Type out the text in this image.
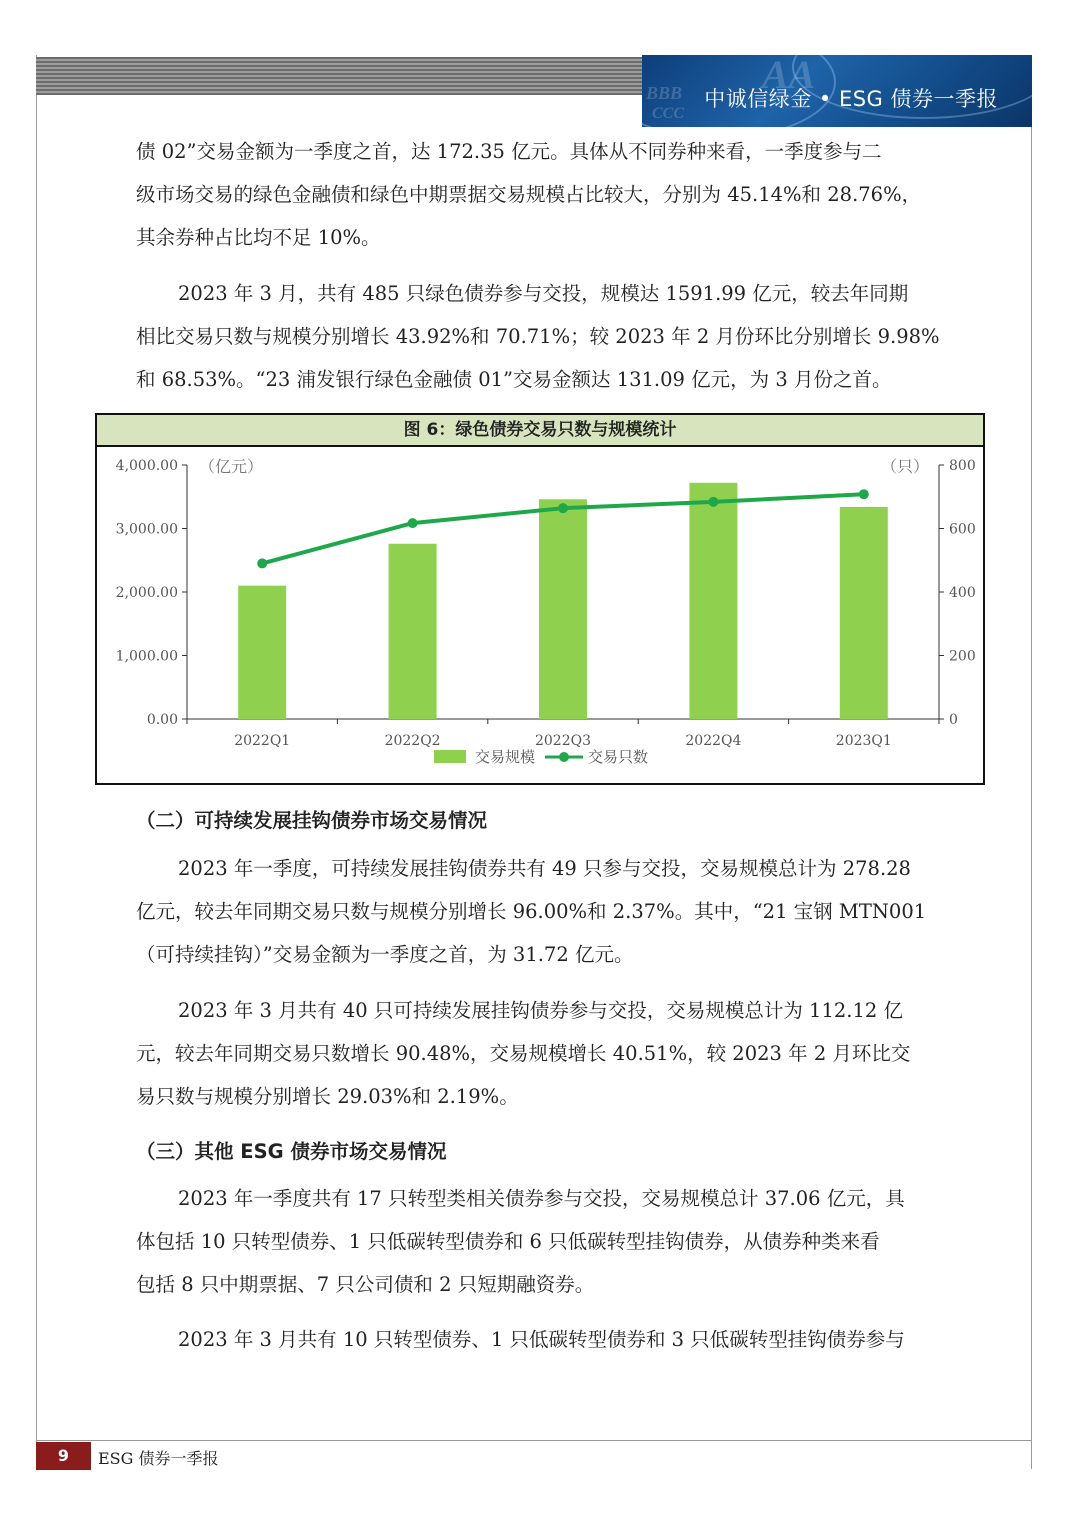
BBB
CCC
AA
中诚信绿金 • ESG 债券一季报

债 02”交易金额为一季度之首，达 172.35 亿元。具体从不同券种来看，一季度参与二
级市场交易的绿色金融债和绿色中期票据交易规模占比较大，分别为 45.14%和 28.76%，
其余券种占比均不足 10%。

2023 年 3 月，共有 485 只绿色债券参与交投，规模达 1591.99 亿元，较去年同期
相比交易只数与规模分别增长 43.92%和 70.71%；较 2023 年 2 月份环比分别增长 9.98%
和 68.53%。“23 浦发银行绿色金融债 01”交易金额达 131.09 亿元，为 3 月份之首。

图 6：绿色债券交易只数与规模统计
0.00
1,000.00
2,000.00
3,000.00
4,000.00
0
200
400
600
800
（亿元）	（只）
2022Q1	2022Q2	2022Q3	2022Q4	2023Q1
交易规模	交易只数
（二）可持续发展挂钩债券市场交易情况

2023 年一季度，可持续发展挂钩债券共有 49 只参与交投，交易规模总计为 278.28
亿元，较去年同期交易只数与规模分别增长 96.00%和 2.37%。其中，“21 宝钢 MTN001
（可持续挂钩）”交易金额为一季度之首，为 31.72 亿元。

2023 年 3 月共有 40 只可持续发展挂钩债券参与交投，交易规模总计为 112.12 亿
元，较去年同期交易只数增长 90.48%，交易规模增长 40.51%，较 2023 年 2 月环比交
易只数与规模分别增长 29.03%和 2.19%。

（三）其他 ESG 债券市场交易情况

2023 年一季度共有 17 只转型类相关债券参与交投，交易规模总计 37.06 亿元，具
体包括 10 只转型债券、1 只低碳转型债券和 6 只低碳转型挂钩债券，从债券种类来看
包括 8 只中期票据、7 只公司债和 2 只短期融资券。

2023 年 3 月共有 10 只转型债券、1 只低碳转型债券和 3 只低碳转型挂钩债券参与

9	ESG 债券一季报
